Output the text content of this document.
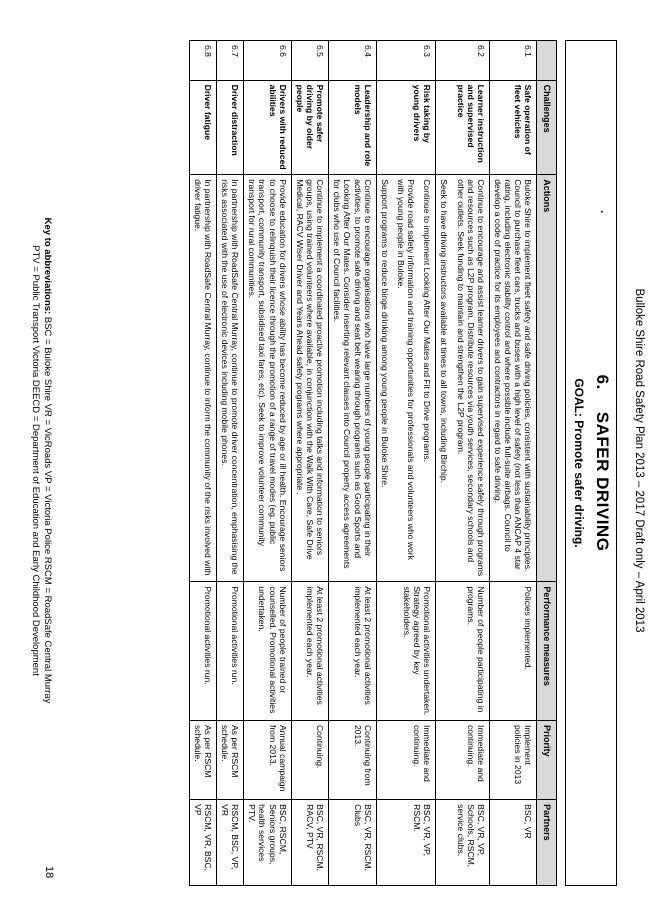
Bulloke Shire Road Safety Plan 2013 – 2017 Draft only – April 2013
·
6.SAFER DRIVING
GOAL: Promote safer driving.
	Challenges	Actions	Performance measures	Priority	Partners
6.1	Safe operation of fleet vehicles	Buloke Shire to implement fleet safety and safe driving policies, consistent with sustainability principles. Council to purchase fleet cars, trucks and buses with a high level of safety (not less than ANCAP 4 star rating, including electronic stability control and where possible include full-suite airbags. Council to develop a code of practice for its employees and contractors in regard to safe driving.	Policies implemented.	Implement policies in 2013	BSC, VR
6.2	Learner instruction and supervised practice	Continue to encourage and assist learner drivers to gain supervised experience safely through programs and resources such as L2P program. Distribute resources via youth services, secondary schools and other outlets. Seek funding to maintain and strengthen the L2P program.

Seek to have driving instructors available at times to all towns, including Birchip.	Number of people participating in programs.	Immediate and continuing.	BSC, VR, VP, Schools, RSCM, service clubs.
6.3	Risk taking by young drivers	Continue to implement Looking After Our Mates and Fit to Drive programs.

Provide road safety information and training opportunities for professionals and volunteers who work with young people in Buloke.

Support programs to reduce binge drinking among young people in Buloke Shire.	Promotional activities undertaken. Strategy agreed by key stakeholders.	Immediate and continuing.	BSC, VR, VP, RSCM.
6.4	Leadership and role models	Continue to encourage organisations who have large numbers of young people participating in their activities, to promote safe driving and seat belt wearing through programs such as Good Sports and Looking After Our Mates. Consider inserting relevant clauses into Council property access agreements for clubs who use of Council facilities.	At least 2 promotional activities implemented each year.	Continuing from 2013.	BSC, VR, RSCM, Clubs
6.5	Promote safer driving by older people	Continue to implement a coordinated proactive promotion including talks and information to seniors groups, using trained volunteers where available, in conjunction with the Walk With Care, Safe Drive Medical, RACV Wiser Driver and Years Ahead safety programs where appropriate .	At least 2 promotional activities implemented each year.	Continuing.	BSC, VR, RSCM, RACV, PTV
6.6	Drivers with reduced abilities	Provide education for drivers whose ability has become reduced by age or ill health. Encourage seniors to choose to relinquish their licence through the promotion of a range of travel modes (eg. public transport, community transport, subsidised taxi fares, etc). Seek to improve volunteer community transport for rural communities.	Number of people trained or counselled. Promotional activities undertaken.	Annual campaign from 2013.	BSC, RSCM, Seniors groups, health services PTV.
6.7	Driver distraction	In partnership with RoadSafe Central Murray, continue to promote driver concentration, emphasising the risks associated with the use of electronic devices including mobile phones.	Promotional activities run.	As per RSCM schedule.	RSCM, BSC, VP, VR
6.8	Driver fatigue	In partnership with RoadSafe Central Murray, continue to inform the community of the risks involved with driver fatigue.	Promotional activities run.	As per RSCM schedule.	RSCM, VR, BSC, VP
Key to abbreviations: BSC = Buloke Shire VR = VicRoads VP = Victoria Police RSCM = RoadSafe Central Murray
PTV = Public Transport Victoria DEECD = Department of Education and Early Childhood Development
18
